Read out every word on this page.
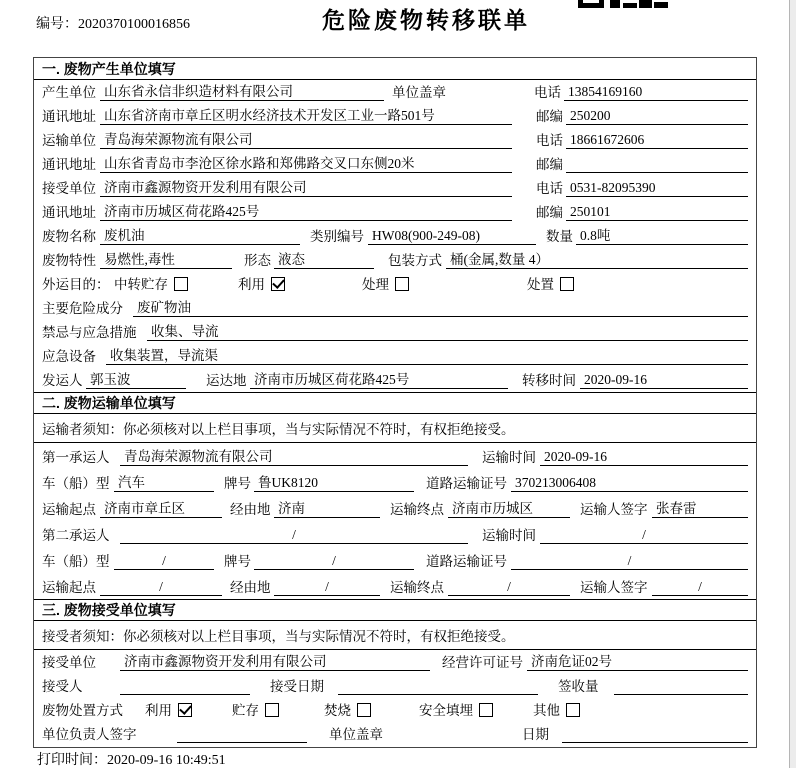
编号：2020370100016856	危险废物转移联单
一. 废物产生单位填写
产生单位 山东省永信非织造材料有限公司	单位盖章	电话 13854169160
通讯地址 山东省济南市章丘区明水经济技术开发区工业一路501号	邮编 250200
运输单位 青岛海荣源物流有限公司	电话 18661672606
通讯地址 山东省青岛市李沧区徐水路和郑佛路交叉口东侧20米	邮编
接受单位 济南市鑫源物资开发利用有限公司	电话 0531-82095390
通讯地址 济南市历城区荷花路425号	邮编 250101
废物名称 废机油	类别编号 HW08(900-249-08)	数量 0.8吨
废物特性 易燃性,毒性	形态 液态	包装方式 桶(金属,数量 4）
外运目的： 中转贮存	利用	处理	处置
主要危险成分 废矿物油
禁忌与应急措施	收集、导流
应急设备 收集装置，导流渠
发运人 郭玉波	运达地 济南市历城区荷花路425号	转移时间 2020-09-16
二. 废物运输单位填写
运输者须知：你必须核对以上栏目事项，当与实际情况不符时，有权拒绝接受。
第一承运人	青岛海荣源物流有限公司	运输时间 2020-09-16
车（船）型 汽车	牌号 鲁UK8120	道路运输证号 370213006408
运输起点 济南市章丘区	经由地 济南	运输终点 济南市历城区	运输人签字 张春雷
第二承运人	/	运输时间	/
车（船）型	/	牌号	/	道路运输证号	/
运输起点	/	经由地	/	运输终点	/	运输人签字	/
三. 废物接受单位填写
接受者须知：你必须核对以上栏目事项，当与实际情况不符时，有权拒绝接受。
接受单位 济南市鑫源物资开发利用有限公司	经营许可证号 济南危证02号
接受人	接受日期	签收量
废物处置方式 利用	贮存	焚烧	安全填埋	其他
单位负责人签字	单位盖章	日期
打印时间：2020-09-16 10:49:51
